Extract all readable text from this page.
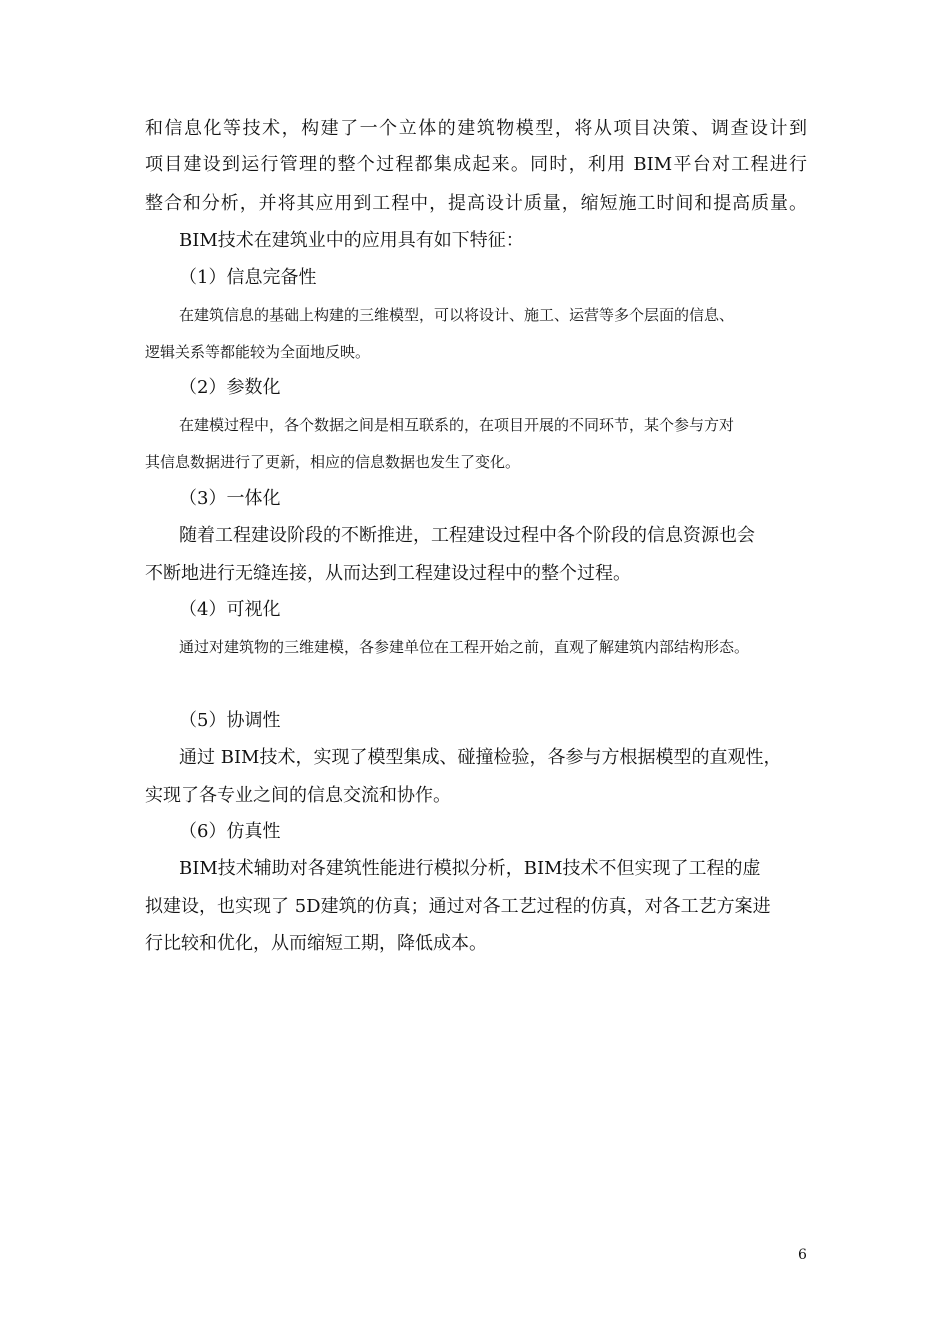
和信息化等技术，构建了一个立体的建筑物模型，将从项目决策、调查设计到
项目建设到运行管理的整个过程都集成起来。同时，利用 BIM平台对工程进行
整合和分析，并将其应用到工程中，提高设计质量，缩短施工时间和提高质量。
BIM技术在建筑业中的应用具有如下特征：
（1）信息完备性
在建筑信息的基础上构建的三维模型，可以将设计、施工、运营等多个层面的信息、
逻辑关系等都能较为全面地反映。
（2）参数化
在建模过程中，各个数据之间是相互联系的，在项目开展的不同环节，某个参与方对
其信息数据进行了更新，相应的信息数据也发生了变化。
（3）一体化
随着工程建设阶段的不断推进，工程建设过程中各个阶段的信息资源也会
不断地进行无缝连接，从而达到工程建设过程中的整个过程。
（4）可视化
通过对建筑物的三维建模，各参建单位在工程开始之前，直观了解建筑内部结构形态。
（5）协调性
通过 BIM技术，实现了模型集成、碰撞检验，各参与方根据模型的直观性，
实现了各专业之间的信息交流和协作。
（6）仿真性
BIM技术辅助对各建筑性能进行模拟分析，BIM技术不但实现了工程的虚
拟建设，也实现了 5D建筑的仿真；通过对各工艺过程的仿真，对各工艺方案进
行比较和优化，从而缩短工期，降低成本。
6
